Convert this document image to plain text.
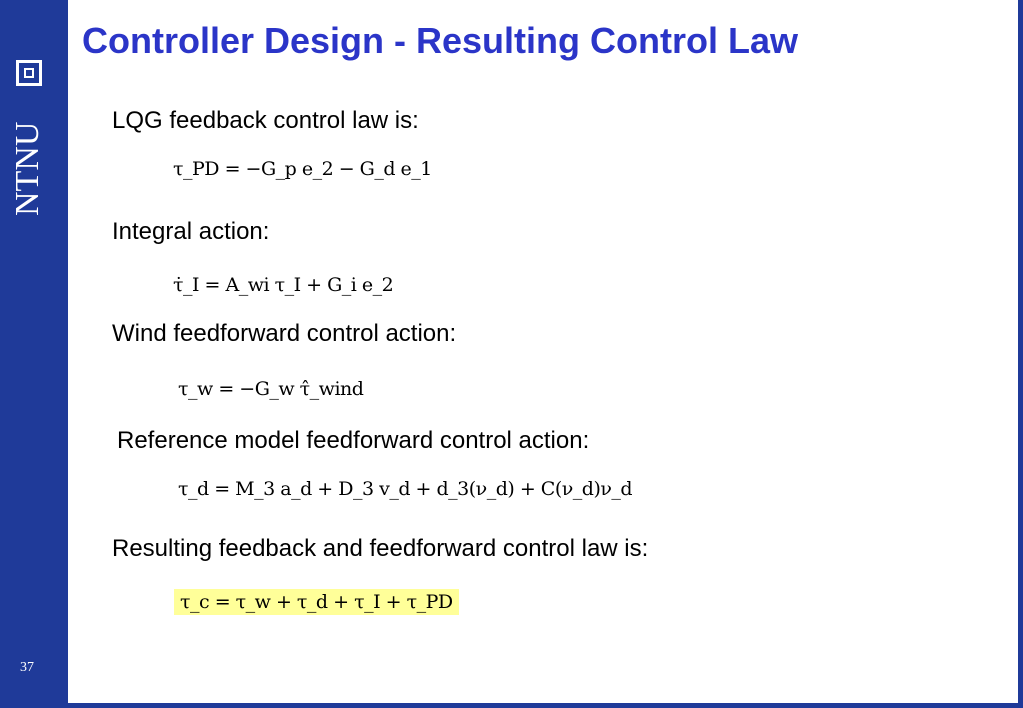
NTNU
37
Controller Design - Resulting Control Law
LQG feedback control law is:
τ_PD = −G_p e_2 − G_d e_1
Integral action:
τ̇_I = A_wi τ_I + G_i e_2
Wind feedforward control action:
τ_w = −G_w τ̂_wind
Reference model feedforward control action:
τ_d = M_3 a_d + D_3 v_d + d_3(ν_d) + C(ν_d)ν_d
Resulting feedback and feedforward control law is:
τ_c = τ_w + τ_d + τ_I + τ_PD
